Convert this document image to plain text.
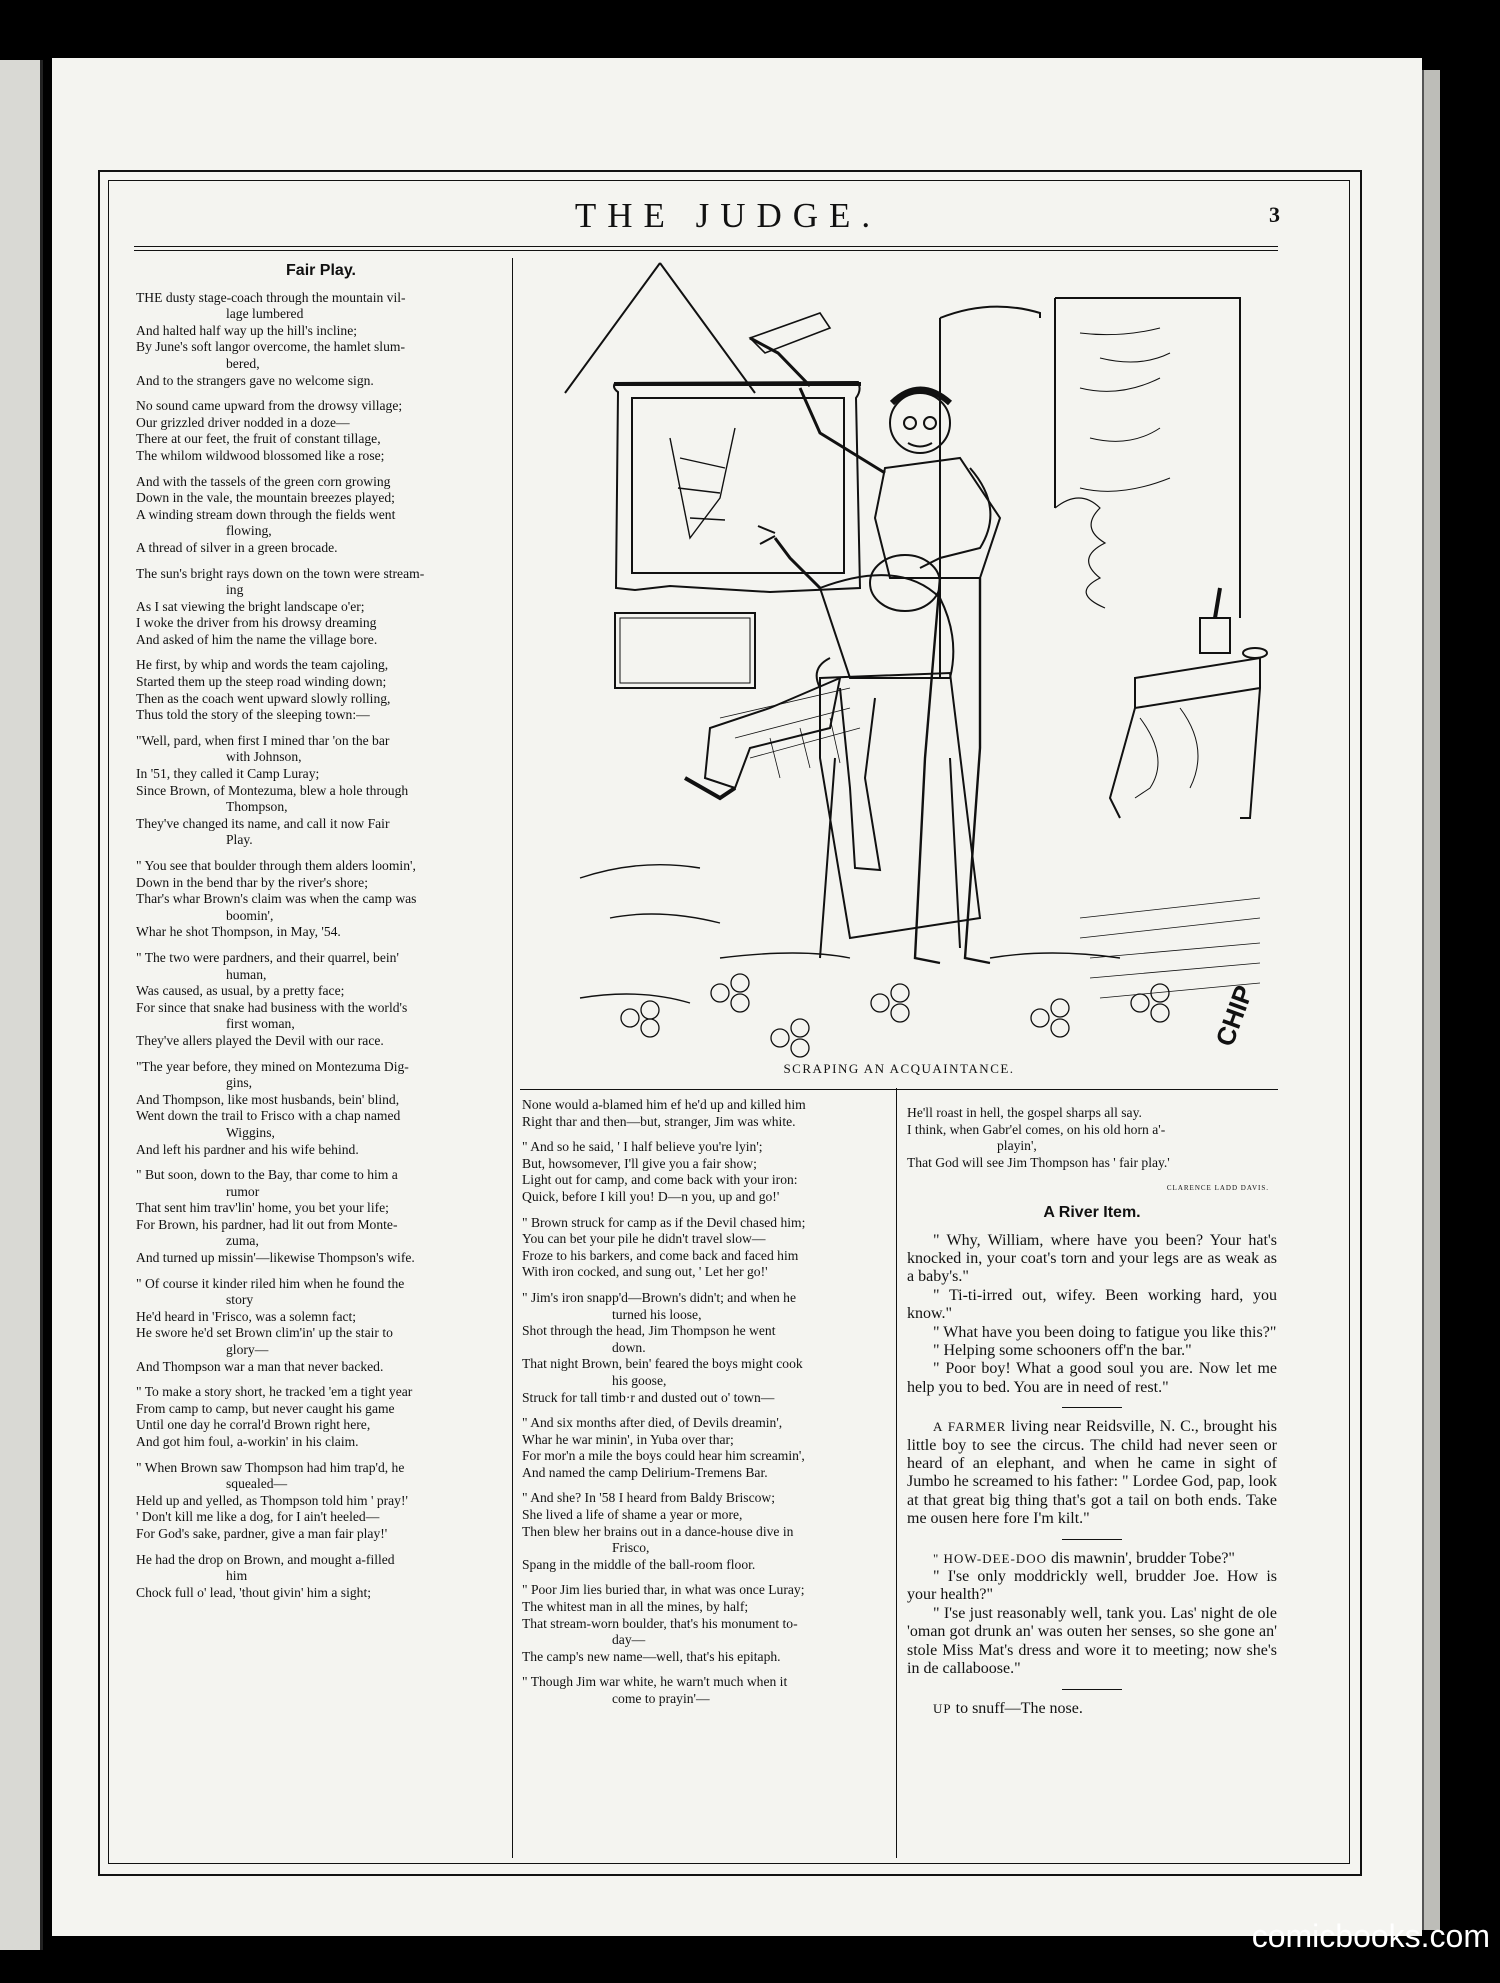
THE JUDGE.	3
Fair Play.
THE dusty stage-coach through the mountain vil-
lage lumbered
And halted half way up the hill's incline;
By June's soft langor overcome, the hamlet slum-
bered,
And to the strangers gave no welcome sign.
No sound came upward from the drowsy village;
Our grizzled driver nodded in a doze—
There at our feet, the fruit of constant tillage,
The whilom wildwood blossomed like a rose;
And with the tassels of the green corn growing
Down in the vale, the mountain breezes played;
A winding stream down through the fields went
flowing,
A thread of silver in a green brocade.
The sun's bright rays down on the town were stream-
ing
As I sat viewing the bright landscape o'er;
I woke the driver from his drowsy dreaming
And asked of him the name the village bore.
He first, by whip and words the team cajoling,
Started them up the steep road winding down;
Then as the coach went upward slowly rolling,
Thus told the story of the sleeping town:—
"Well, pard, when first I mined thar 'on the bar
with Johnson,
In '51, they called it Camp Luray;
Since Brown, of Montezuma, blew a hole through
Thompson,
They've changed its name, and call it now Fair
Play.
" You see that boulder through them alders loomin',
Down in the bend thar by the river's shore;
Thar's whar Brown's claim was when the camp was
boomin',
Whar he shot Thompson, in May, '54.
" The two were pardners, and their quarrel, bein'
human,
Was caused, as usual, by a pretty face;
For since that snake had business with the world's
first woman,
They've allers played the Devil with our race.
"The year before, they mined on Montezuma Dig-
gins,
And Thompson, like most husbands, bein' blind,
Went down the trail to Frisco with a chap named
Wiggins,
And left his pardner and his wife behind.
" But soon, down to the Bay, thar come to him a
rumor
That sent him trav'lin' home, you bet your life;
For Brown, his pardner, had lit out from Monte-
zuma,
And turned up missin'—likewise Thompson's wife.
" Of course it kinder riled him when he found the
story
He'd heard in 'Frisco, was a solemn fact;
He swore he'd set Brown clim'in' up the stair to
glory—
And Thompson war a man that never backed.
" To make a story short, he tracked 'em a tight year
From camp to camp, but never caught his game
Until one day he corral'd Brown right here,
And got him foul, a-workin' in his claim.
" When Brown saw Thompson had him trap'd, he
squealed—
Held up and yelled, as Thompson told him ' pray!'
' Don't kill me like a dog, for I ain't heeled—
For God's sake, pardner, give a man fair play!'
He had the drop on Brown, and mought a-filled
him
Chock full o' lead, 'thout givin' him a sight;
CHIP
SCRAPING AN ACQUAINTANCE.
None would a-blamed him ef he'd up and killed him
Right thar and then—but, stranger, Jim was white.
" And so he said, ' I half believe you're lyin';
But, howsomever, I'll give you a fair show;
Light out for camp, and come back with your iron:
Quick, before I kill you! D—n you, up and go!'
" Brown struck for camp as if the Devil chased him;
You can bet your pile he didn't travel slow—
Froze to his barkers, and come back and faced him
With iron cocked, and sung out, ' Let her go!'
" Jim's iron snapp'd—Brown's didn't; and when he
turned his loose,
Shot through the head, Jim Thompson he went
down.
That night Brown, bein' feared the boys might cook
his goose,
Struck for tall timb·r and dusted out o' town—
" And six months after died, of Devils dreamin',
Whar he war minin', in Yuba over thar;
For mor'n a mile the boys could hear him screamin',
And named the camp Delirium-Tremens Bar.
" And she? In '58 I heard from Baldy Briscow;
She lived a life of shame a year or more,
Then blew her brains out in a dance-house dive in
Frisco,
Spang in the middle of the ball-room floor.
" Poor Jim lies buried thar, in what was once Luray;
The whitest man in all the mines, by half;
That stream-worn boulder, that's his monument to-
day—
The camp's new name—well, that's his epitaph.
" Though Jim war white, he warn't much when it
come to prayin'—
He'll roast in hell, the gospel sharps all say.
I think, when Gabr'el comes, on his old horn a'-
playin',
That God will see Jim Thompson has ' fair play.'
CLARENCE LADD DAVIS.
A River Item.

" Why, William, where have you been? Your hat's knocked in, your coat's torn and your legs are as weak as a baby's."

" Ti-ti-irred out, wifey. Been working hard, you know."

" What have you been doing to fatigue you like this?"

" Helping some schooners off'n the bar."

" Poor boy! What a good soul you are. Now let me help you to bed. You are in need of rest."

A FARMER living near Reidsville, N. C., brought his little boy to see the circus. The child had never seen or heard of an elephant, and when he came in sight of Jumbo he screamed to his father: " Lordee God, pap, look at that great big thing that's got a tail on both ends. Take me ousen here fore I'm kilt."

" HOW-DEE-DOO dis mawnin', brudder Tobe?"

" I'se only moddrickly well, brudder Joe. How is your health?"

" I'se just reasonably well, tank you. Las' night de ole 'oman got drunk an' was outen her senses, so she gone an' stole Miss Mat's dress and wore it to meeting; now she's in de callaboose."

UP to snuff—The nose.

comicbooks.com
